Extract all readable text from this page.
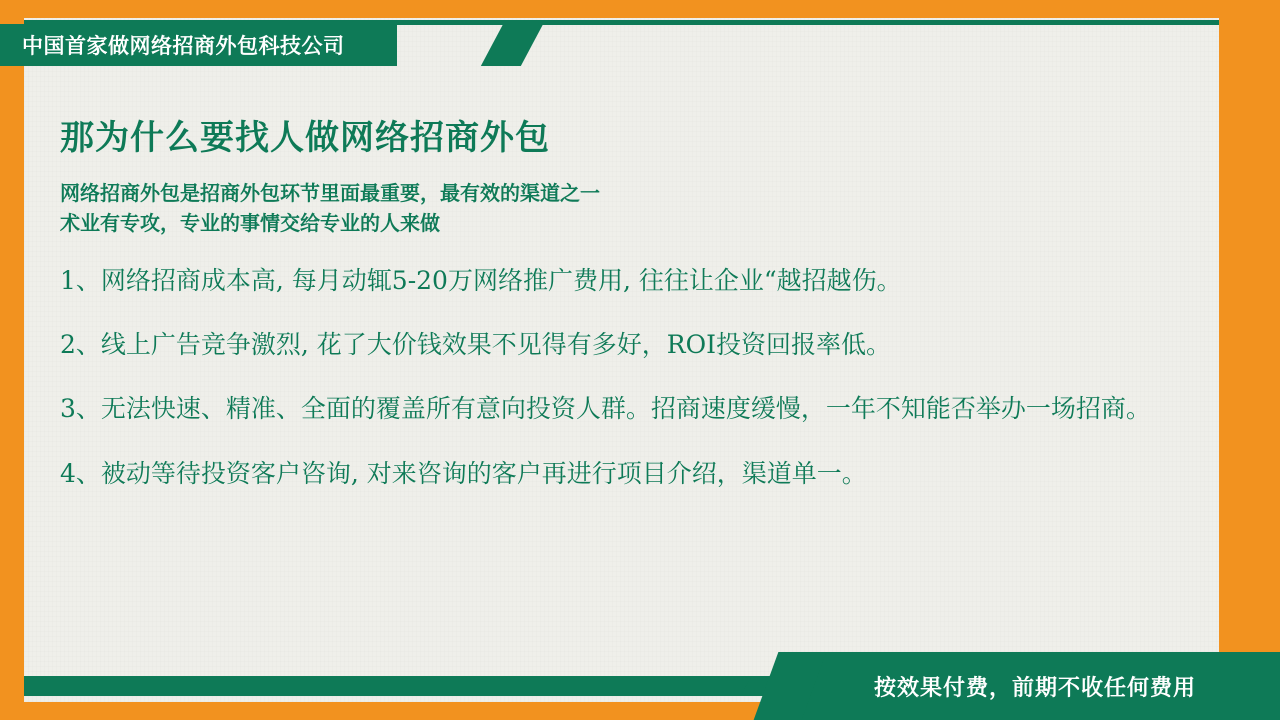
中国首家做网络招商外包科技公司
那为什么要找人做网络招商外包
网络招商外包是招商外包环节里面最重要，最有效的渠道之一
术业有专攻，专业的事情交给专业的人来做
1、网络招商成本高, 每月动辄5-20万网络推广费用, 往往让企业“越招越伤。
2、线上广告竞争激烈, 花了大价钱效果不见得有多好，ROI投资回报率低。
3、无法快速、精准、全面的覆盖所有意向投资人群。招商速度缓慢，一年不知能否举办一场招商。
4、被动等待投资客户咨询, 对来咨询的客户再进行项目介绍，渠道单一。
按效果付费，前期不收任何费用
